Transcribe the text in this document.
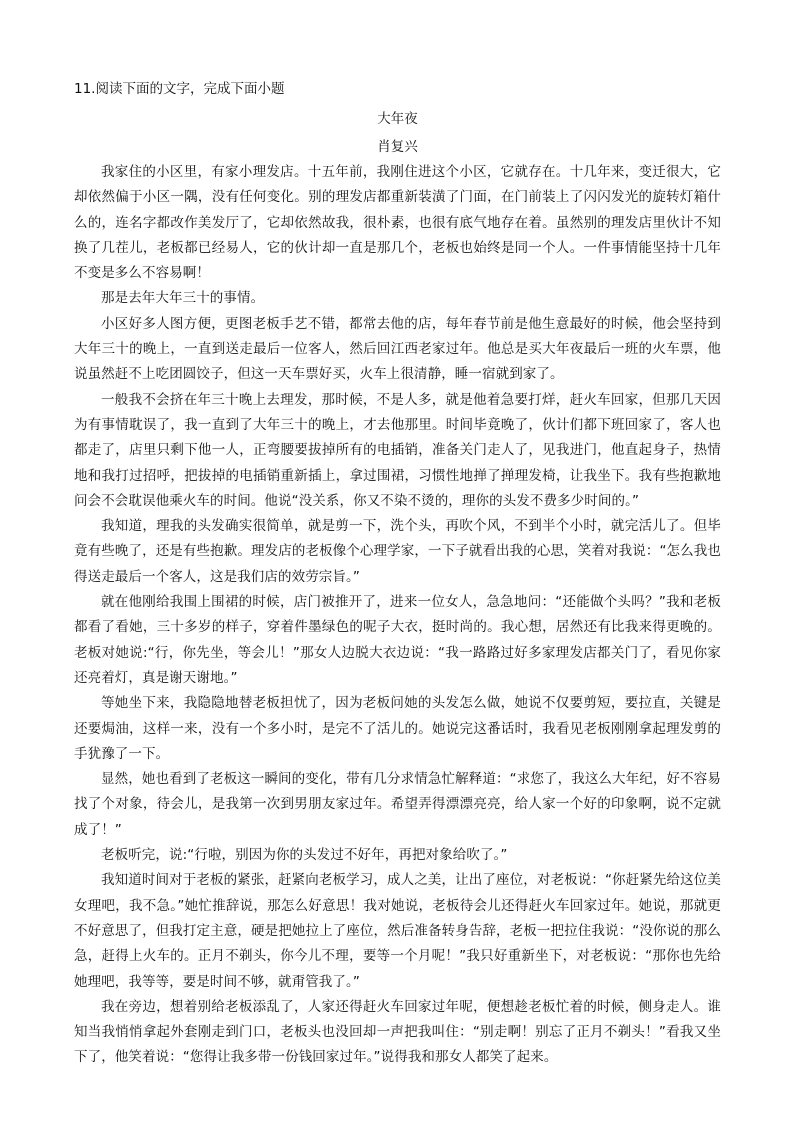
11.阅读下面的文字，完成下面小题

大年夜

肖复兴

我家住的小区里，有家小理发店。十五年前，我刚住进这个小区，它就存在。十几年来，变迁很大，它却依然偏于小区一隅，没有任何变化。别的理发店都重新装潢了门面，在门前装上了闪闪发光的旋转灯箱什么的，连名字都改作美发厅了，它却依然故我，很朴素，也很有底气地存在着。虽然别的理发店里伙计不知换了几茬儿，老板都已经易人，它的伙计却一直是那几个，老板也始终是同一个人。一件事情能坚持十几年不变是多么不容易啊！

那是去年大年三十的事情。

小区好多人图方便，更图老板手艺不错，都常去他的店，每年春节前是他生意最好的时候，他会坚持到大年三十的晚上，一直到送走最后一位客人，然后回江西老家过年。他总是买大年夜最后一班的火车票，他说虽然赶不上吃团圆饺子，但这一天车票好买，火车上很清静，睡一宿就到家了。

一般我不会挤在年三十晚上去理发，那时候，不是人多，就是他着急要打烊，赶火车回家，但那几天因为有事情耽误了，我一直到了大年三十的晚上，才去他那里。时间毕竟晚了，伙计们都下班回家了，客人也都走了，店里只剩下他一人，正弯腰要拔掉所有的电插销，准备关门走人了，见我进门，他直起身子，热情地和我打过招呼，把拔掉的电插销重新插上，拿过围裙，习惯性地掸了掸理发椅，让我坐下。我有些抱歉地问会不会耽误他乘火车的时间。他说“没关系，你又不染不烫的，理你的头发不费多少时间的。”

我知道，理我的头发确实很简单，就是剪一下，洗个头，再吹个风，不到半个小时，就完活儿了。但毕竟有些晚了，还是有些抱歉。理发店的老板像个心理学家，一下子就看出我的心思，笑着对我说：“怎么我也得送走最后一个客人，这是我们店的效劳宗旨。”

就在他刚给我围上围裙的时候，店门被推开了，进来一位女人，急急地问：“还能做个头吗？”我和老板都看了看她，三十多岁的样子，穿着件墨绿色的呢子大衣，挺时尚的。我心想，居然还有比我来得更晚的。老板对她说:“行，你先坐，等会儿！”那女人边脱大衣边说：“我一路路过好多家理发店都关门了，看见你家还亮着灯，真是谢天谢地。”

等她坐下来，我隐隐地替老板担忧了，因为老板问她的头发怎么做，她说不仅要剪短，要拉直，关键是还要焗油，这样一来，没有一个多小时，是完不了活儿的。她说完这番话时，我看见老板刚刚拿起理发剪的手犹豫了一下。

显然，她也看到了老板这一瞬间的变化，带有几分求情急忙解释道：“求您了，我这么大年纪，好不容易找了个对象，待会儿，是我第一次到男朋友家过年。希望弄得漂漂亮亮，给人家一个好的印象啊，说不定就成了！”

老板听完，说:“行啦，别因为你的头发过不好年，再把对象给吹了。”

我知道时间对于老板的紧张，赶紧向老板学习，成人之美，让出了座位，对老板说：“你赶紧先给这位美女理吧，我不急。”她忙推辞说，那怎么好意思！我对她说，老板待会儿还得赶火车回家过年。她说，那就更不好意思了，但我打定主意，硬是把她拉上了座位，然后准备转身告辞，老板一把拉住我说：“没你说的那么急，赶得上火车的。正月不剃头，你今儿不理，要等一个月呢！”我只好重新坐下，对老板说：“那你也先给她理吧，我等等，要是时间不够，就甭管我了。”

我在旁边，想着别给老板添乱了，人家还得赶火车回家过年呢，便想趁老板忙着的时候，侧身走人。谁知当我悄悄拿起外套刚走到门口，老板头也没回却一声把我叫住：“别走啊！别忘了正月不剃头！”看我又坐下了，他笑着说：“您得让我多带一份钱回家过年。”说得我和那女人都笑了起来。
